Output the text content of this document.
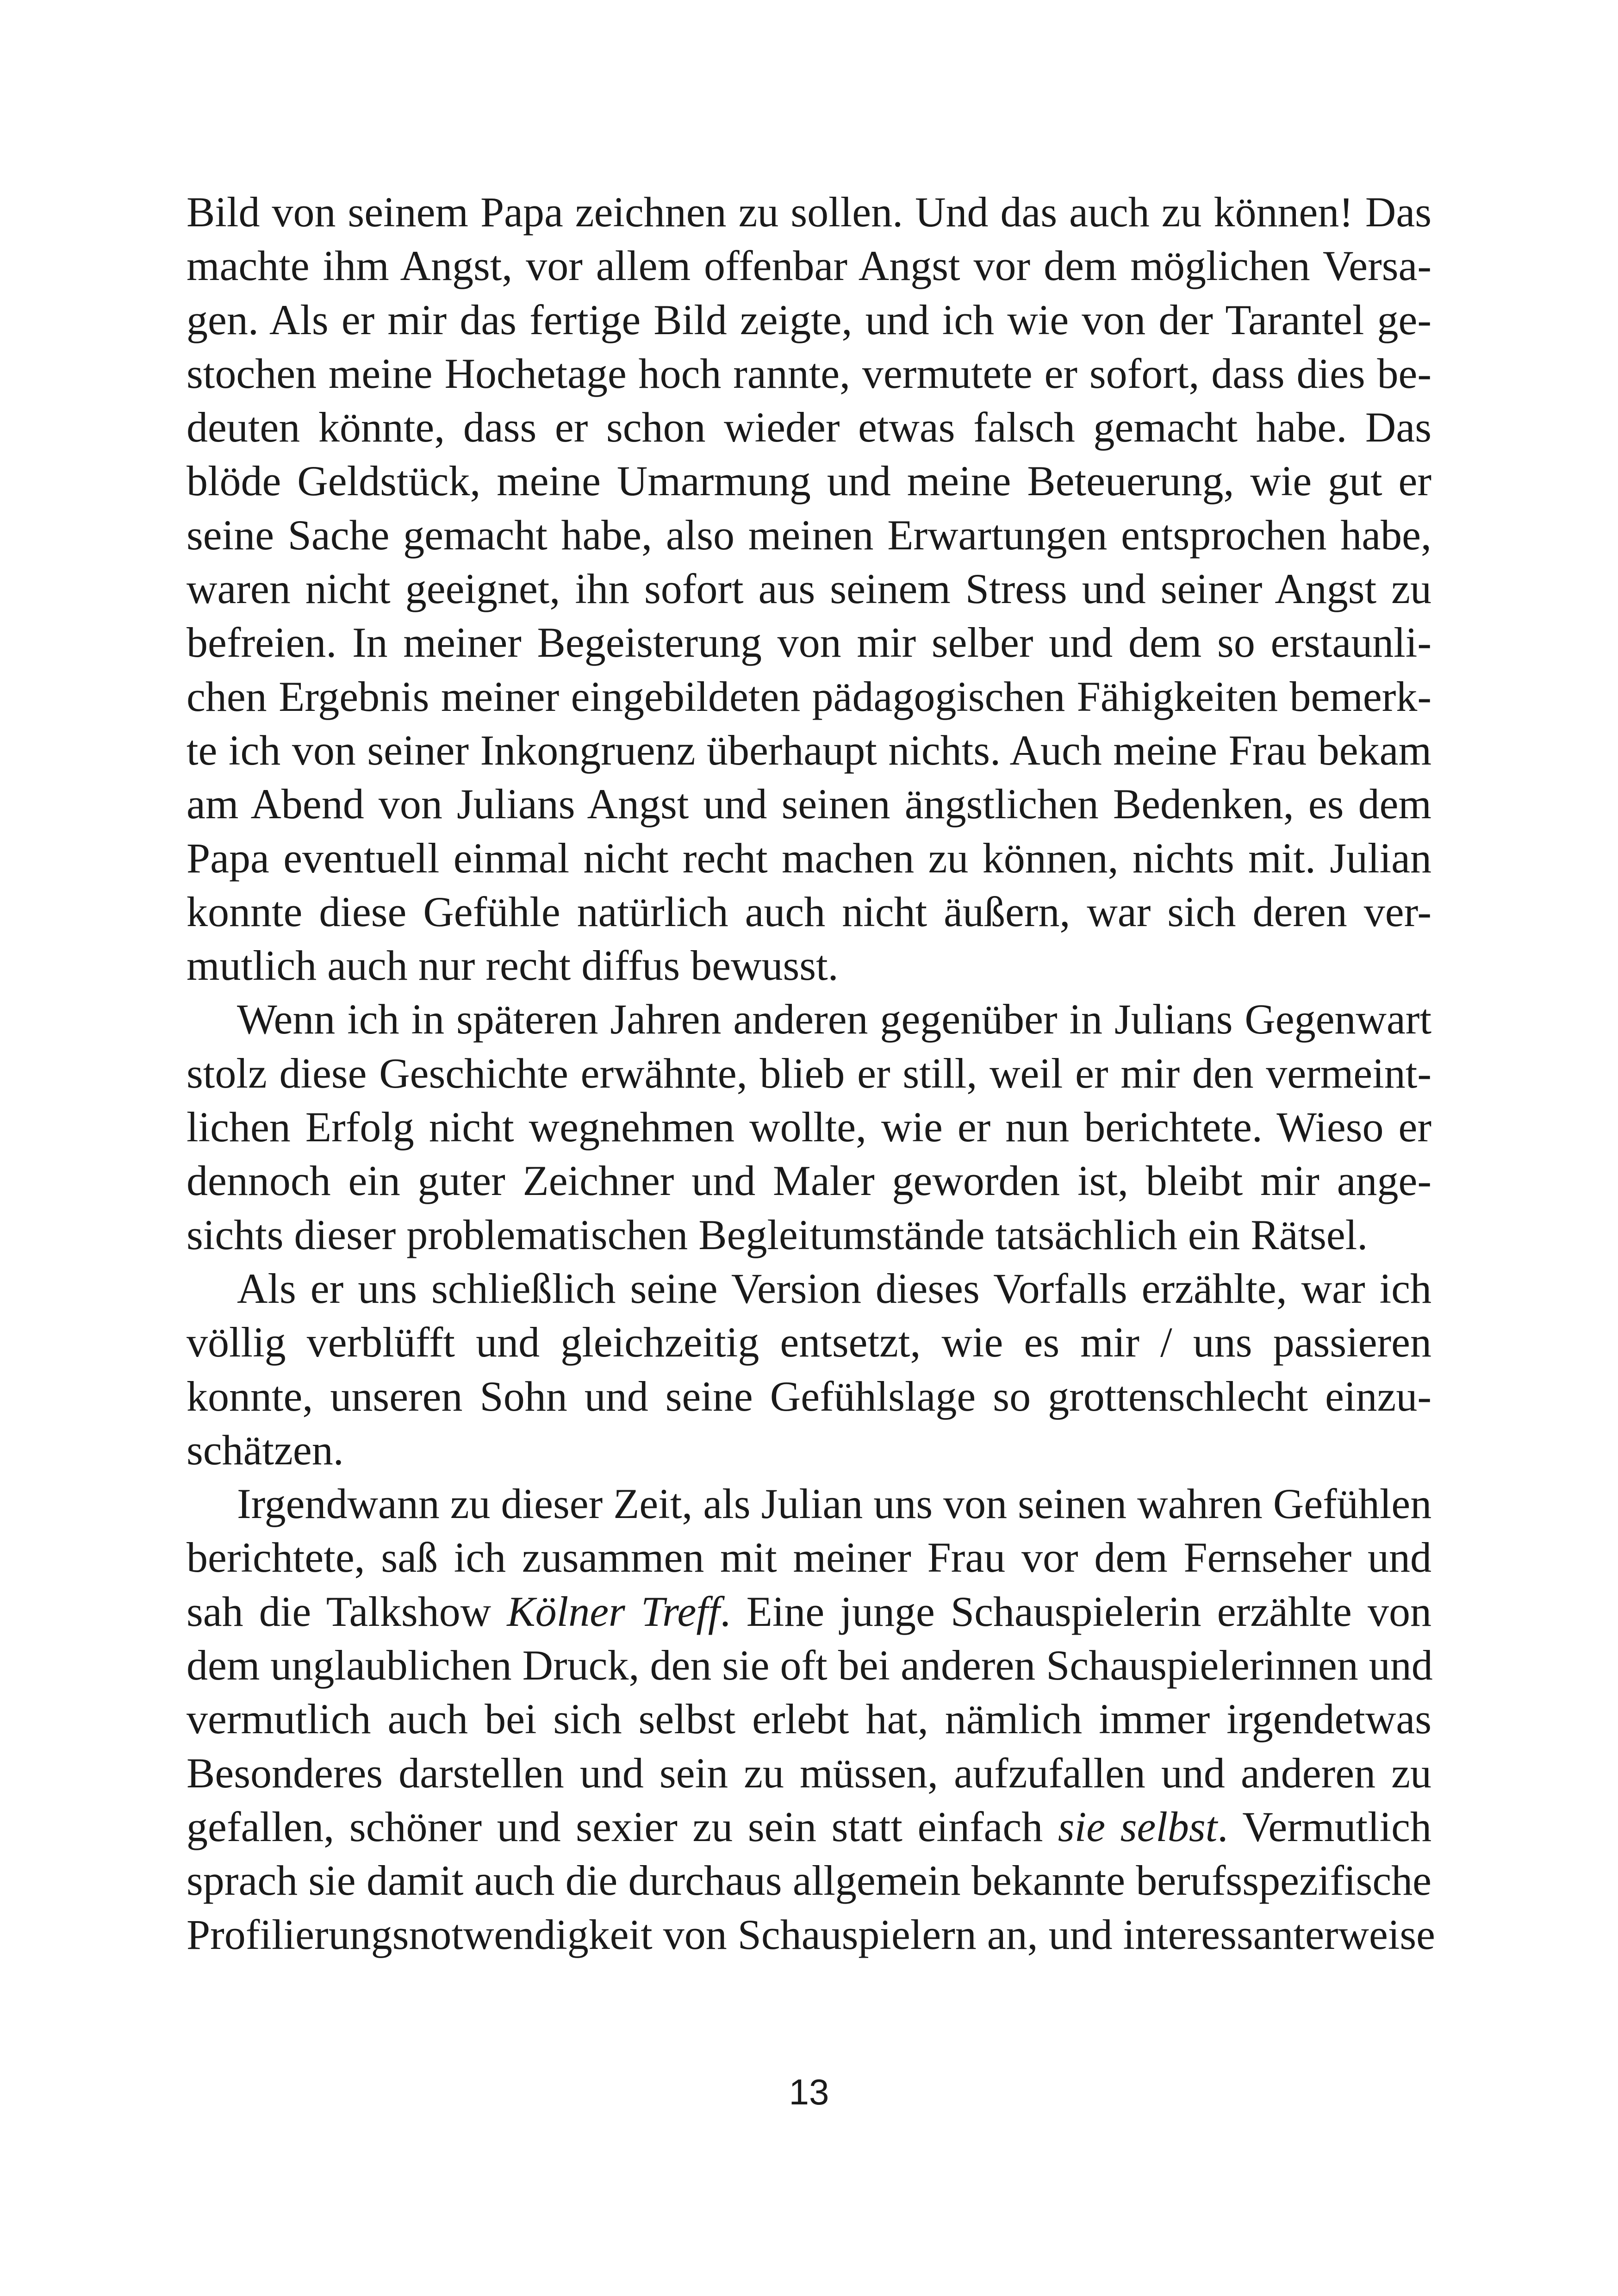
Bild von seinem Papa zeichnen zu sollen. Und das auch zu können! Das
machte ihm Angst, vor allem offenbar Angst vor dem möglichen Versa-
gen. Als er mir das fertige Bild zeigte, und ich wie von der Tarantel ge-
stochen meine Hochetage hoch rannte, vermutete er sofort, dass dies be-
deuten könnte, dass er schon wieder etwas falsch gemacht habe. Das
blöde Geldstück, meine Umarmung und meine Beteuerung, wie gut er
seine Sache gemacht habe, also meinen Erwartungen entsprochen habe,
waren nicht geeignet, ihn sofort aus seinem Stress und seiner Angst zu
befreien. In meiner Begeisterung von mir selber und dem so erstaunli-
chen Ergebnis meiner eingebildeten pädagogischen Fähigkeiten bemerk-
te ich von seiner Inkongruenz überhaupt nichts. Auch meine Frau bekam
am Abend von Julians Angst und seinen ängstlichen Bedenken, es dem
Papa eventuell einmal nicht recht machen zu können, nichts mit. Julian
konnte diese Gefühle natürlich auch nicht äußern, war sich deren ver-
mutlich auch nur recht diffus bewusst.
Wenn ich in späteren Jahren anderen gegenüber in Julians Gegenwart
stolz diese Geschichte erwähnte, blieb er still, weil er mir den vermeint-
lichen Erfolg nicht wegnehmen wollte, wie er nun berichtete. Wieso er
dennoch ein guter Zeichner und Maler geworden ist, bleibt mir ange-
sichts dieser problematischen Begleitumstände tatsächlich ein Rätsel.
Als er uns schließlich seine Version dieses Vorfalls erzählte, war ich
völlig verblüfft und gleichzeitig entsetzt, wie es mir / uns passieren
konnte, unseren Sohn und seine Gefühlslage so grottenschlecht einzu-
schätzen.
Irgendwann zu dieser Zeit, als Julian uns von seinen wahren Gefühlen
berichtete, saß ich zusammen mit meiner Frau vor dem Fernseher und
sah die Talkshow Kölner Treff. Eine junge Schauspielerin erzählte von
dem unglaublichen Druck, den sie oft bei anderen Schauspielerinnen und
vermutlich auch bei sich selbst erlebt hat, nämlich immer irgendetwas
Besonderes darstellen und sein zu müssen, aufzufallen und anderen zu
gefallen, schöner und sexier zu sein statt einfach sie selbst. Vermutlich
sprach sie damit auch die durchaus allgemein bekannte berufsspezifische
Profilierungsnotwendigkeit von Schauspielern an, und interessanterweise
13
